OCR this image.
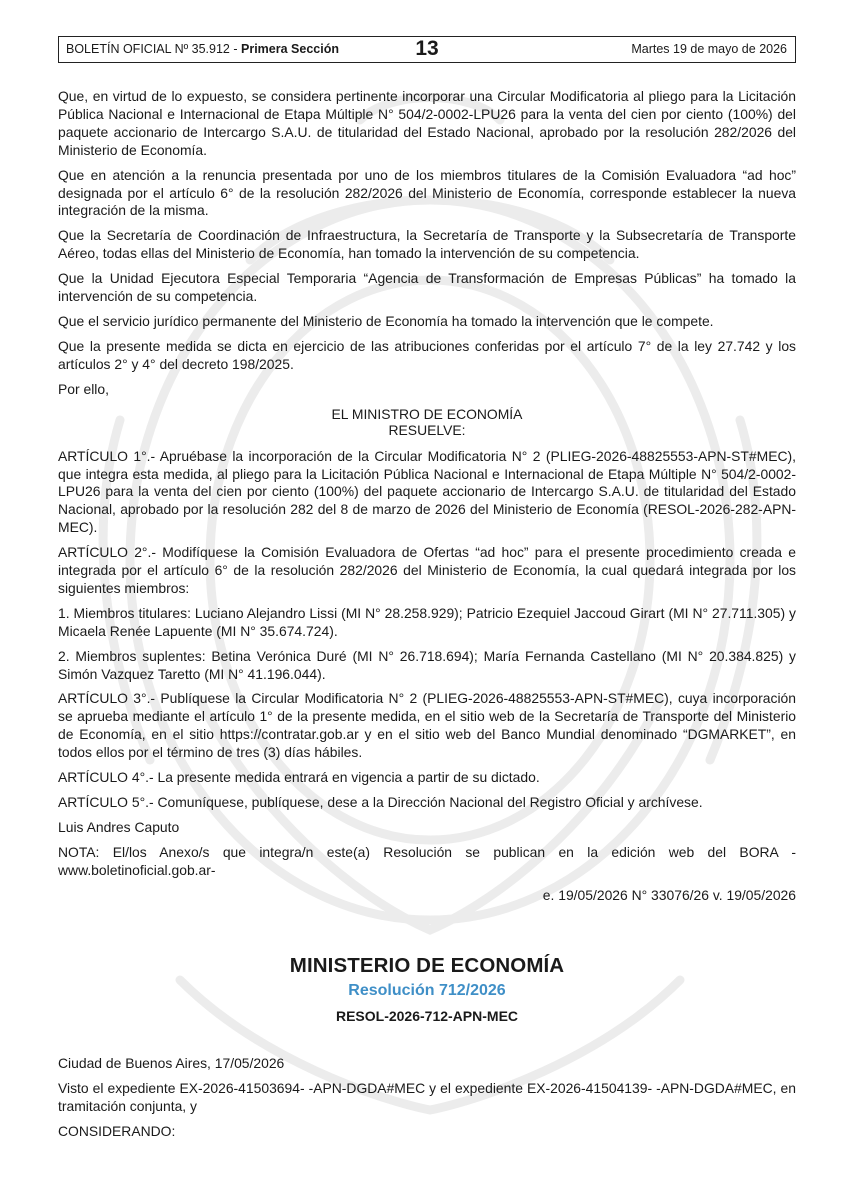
BOLETÍN OFICIAL Nº 35.912 - Primera Sección	13	Martes 19 de mayo de 2026

Que, en virtud de lo expuesto, se considera pertinente incorporar una Circular Modificatoria al pliego para la Licitación Pública Nacional e Internacional de Etapa Múltiple N° 504/2-0002-LPU26 para la venta del cien por ciento (100%) del paquete accionario de Intercargo S.A.U. de titularidad del Estado Nacional, aprobado por la resolución 282/2026 del Ministerio de Economía.

Que en atención a la renuncia presentada por uno de los miembros titulares de la Comisión Evaluadora “ad hoc” designada por el artículo 6° de la resolución 282/2026 del Ministerio de Economía, corresponde establecer la nueva integración de la misma.

Que la Secretaría de Coordinación de Infraestructura, la Secretaría de Transporte y la Subsecretaría de Transporte Aéreo, todas ellas del Ministerio de Economía, han tomado la intervención de su competencia.

Que la Unidad Ejecutora Especial Temporaria “Agencia de Transformación de Empresas Públicas” ha tomado la intervención de su competencia.

Que el servicio jurídico permanente del Ministerio de Economía ha tomado la intervención que le compete.

Que la presente medida se dicta en ejercicio de las atribuciones conferidas por el artículo 7° de la ley 27.742 y los artículos 2° y 4° del decreto 198/2025.

Por ello,

EL MINISTRO DE ECONOMÍA
RESUELVE:

ARTÍCULO 1°.- Apruébase la incorporación de la Circular Modificatoria N° 2 (PLIEG-2026-48825553-APN-ST#MEC), que integra esta medida, al pliego para la Licitación Pública Nacional e Internacional de Etapa Múltiple N° 504/2-0002-LPU26 para la venta del cien por ciento (100%) del paquete accionario de Intercargo S.A.U. de titularidad del Estado Nacional, aprobado por la resolución 282 del 8 de marzo de 2026 del Ministerio de Economía (RESOL-2026-282-APN-MEC).

ARTÍCULO 2°.- Modifíquese la Comisión Evaluadora de Ofertas “ad hoc” para el presente procedimiento creada e integrada por el artículo 6° de la resolución 282/2026 del Ministerio de Economía, la cual quedará integrada por los siguientes miembros:

1. Miembros titulares: Luciano Alejandro Lissi (MI N° 28.258.929); Patricio Ezequiel Jaccoud Girart (MI N° 27.711.305) y Micaela Renée Lapuente (MI N° 35.674.724).

2. Miembros suplentes: Betina Verónica Duré (MI N° 26.718.694); María Fernanda Castellano (MI N° 20.384.825) y Simón Vazquez Taretto (MI N° 41.196.044).

ARTÍCULO 3°.- Publíquese la Circular Modificatoria N° 2 (PLIEG-2026-48825553-APN-ST#MEC), cuya incorporación se aprueba mediante el artículo 1° de la presente medida, en el sitio web de la Secretaría de Transporte del Ministerio de Economía, en el sitio https://contratar.gob.ar y en el sitio web del Banco Mundial denominado “DGMARKET”, en todos ellos por el término de tres (3) días hábiles.

ARTÍCULO 4°.- La presente medida entrará en vigencia a partir de su dictado.

ARTÍCULO 5°.- Comuníquese, publíquese, dese a la Dirección Nacional del Registro Oficial y archívese.

Luis Andres Caputo

NOTA: El/los Anexo/s que integra/n este(a) Resolución se publican en la edición web del BORA -www.boletinoficial.gob.ar-

e. 19/05/2026 N° 33076/26 v. 19/05/2026

MINISTERIO DE ECONOMÍA
Resolución 712/2026
RESOL-2026-712-APN-MEC

Ciudad de Buenos Aires, 17/05/2026

Visto el expediente EX-2026-41503694- -APN-DGDA#MEC y el expediente EX-2026-41504139- -APN-DGDA#MEC, en tramitación conjunta, y

CONSIDERANDO:
